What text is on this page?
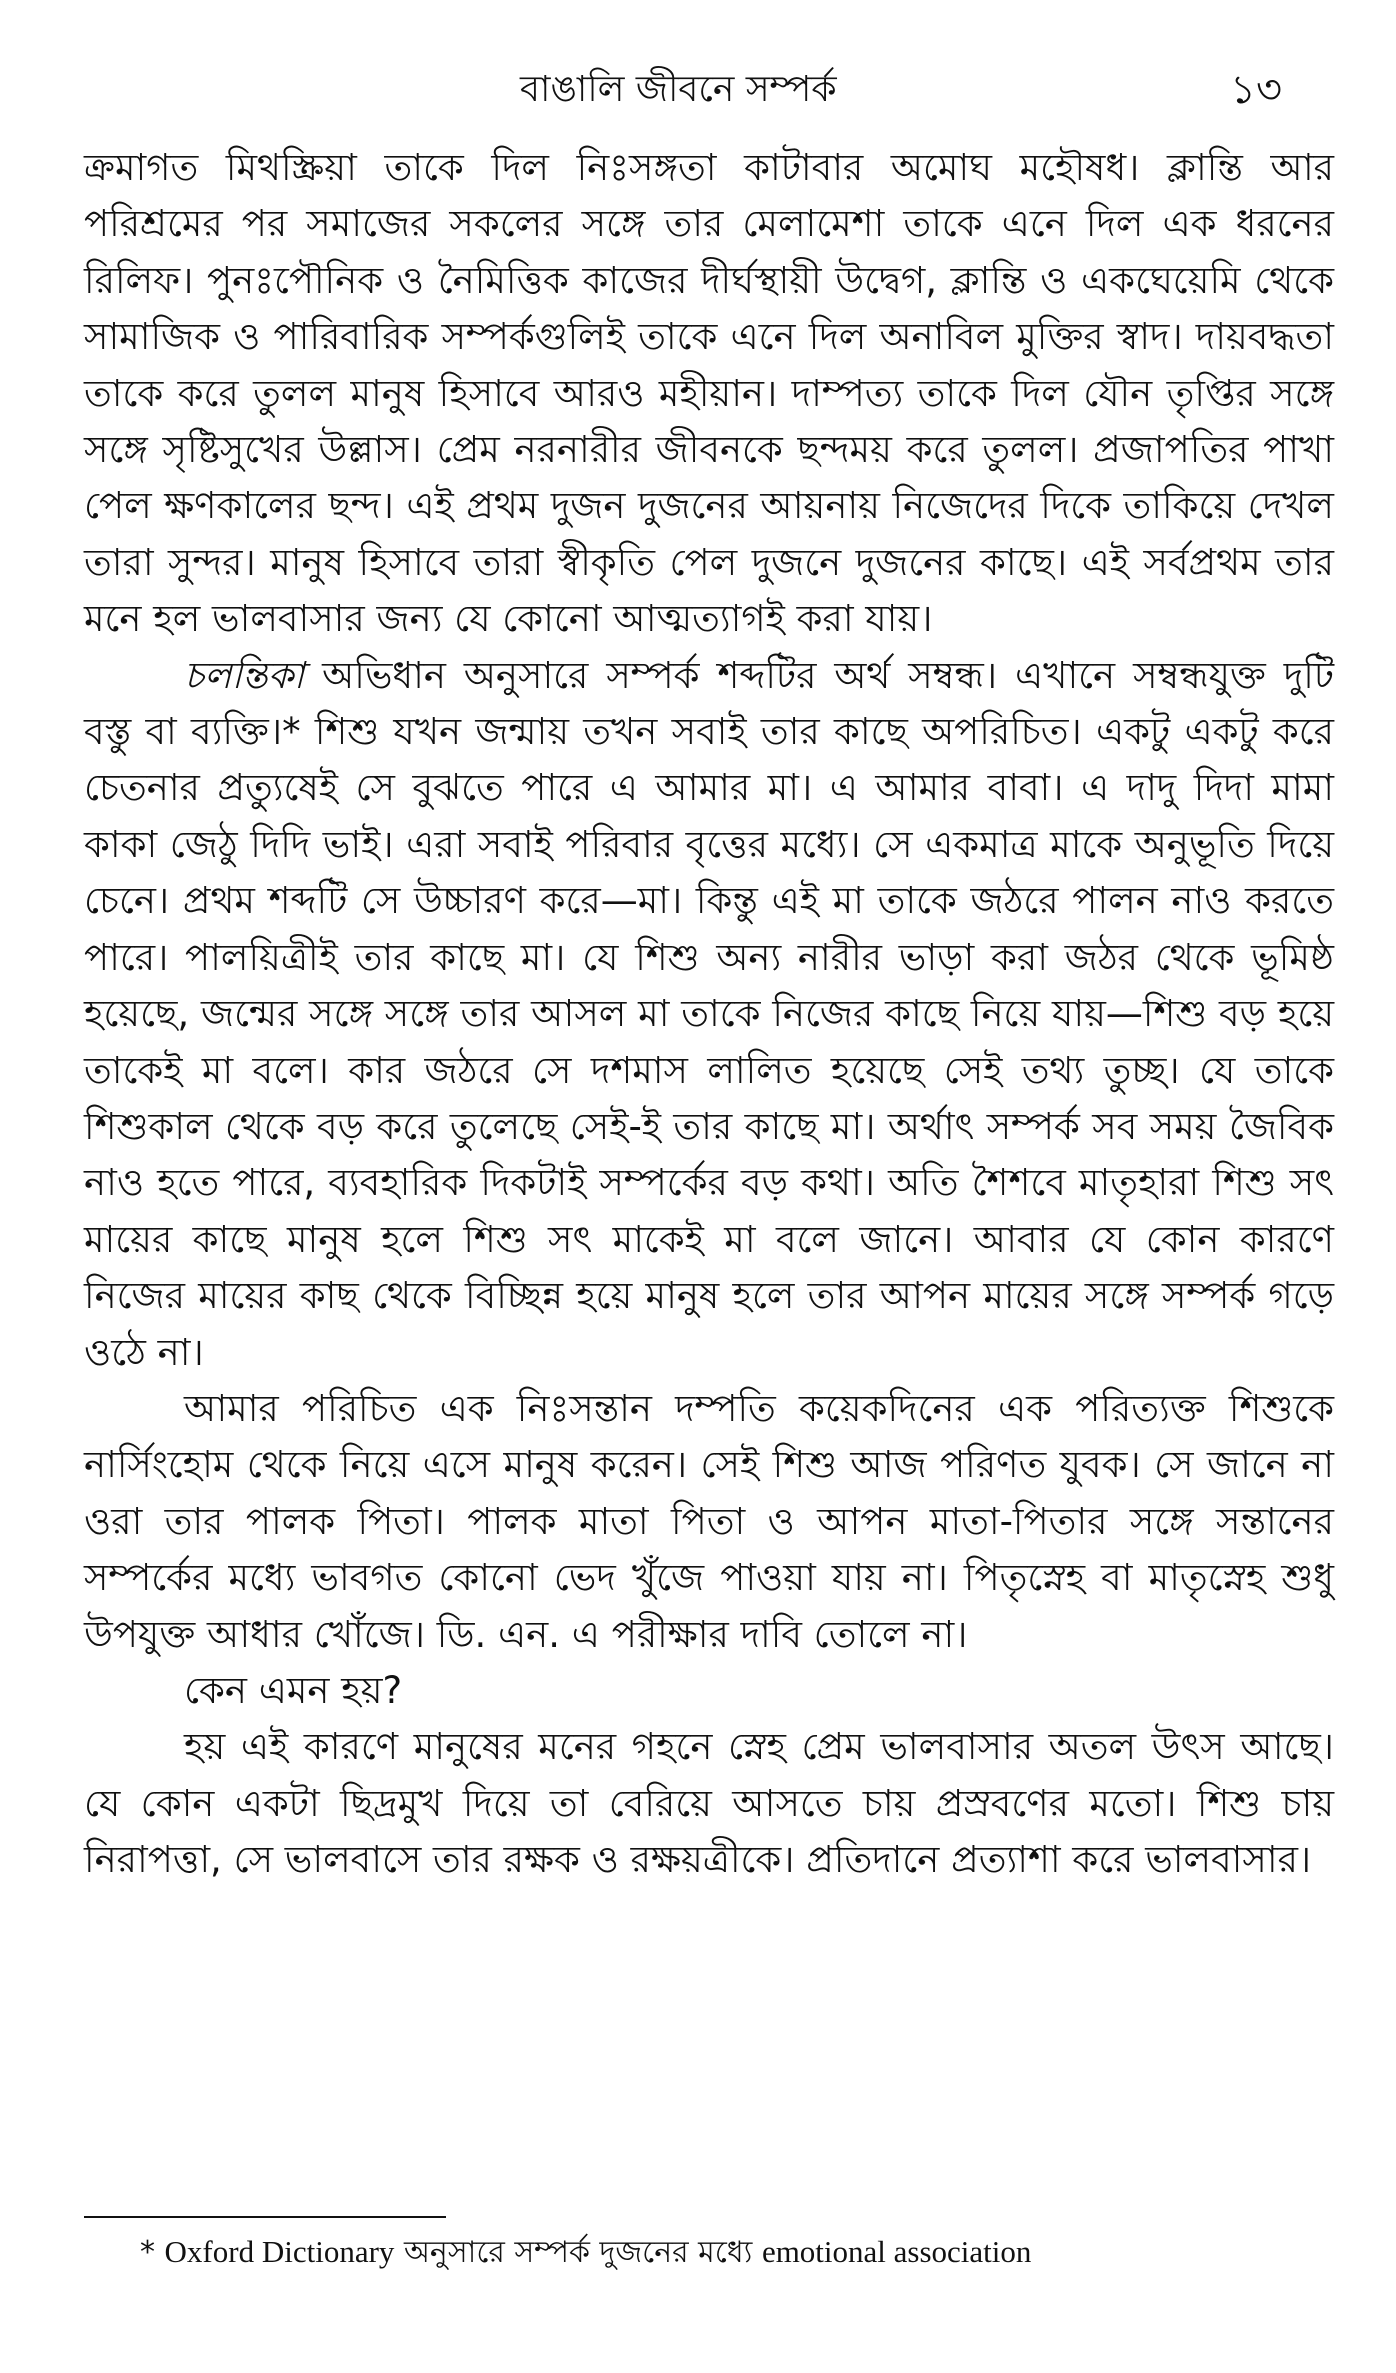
বাঙালি জীবনে সম্পর্ক	১৩

ক্রমাগত মিথস্ক্রিয়া তাকে দিল নিঃসঙ্গতা কাটাবার অমোঘ মহৌষধ। ক্লান্তি আর পরিশ্রমের পর সমাজের সকলের সঙ্গে তার মেলামেশা তাকে এনে দিল এক ধরনের রিলিফ। পুনঃপৌনিক ও নৈমিত্তিক কাজের দীর্ঘস্থায়ী উদ্বেগ, ক্লান্তি ও একঘেয়েমি থেকে সামাজিক ও পারিবারিক সম্পর্কগুলিই তাকে এনে দিল অনাবিল মুক্তির স্বাদ। দায়বদ্ধতা তাকে করে তুলল মানুষ হিসাবে আরও মহীয়ান। দাম্পত্য তাকে দিল যৌন তৃপ্তির সঙ্গে সঙ্গে সৃষ্টিসুখের উল্লাস। প্রেম নরনারীর জীবনকে ছন্দময় করে তুলল। প্রজাপতির পাখা পেল ক্ষণকালের ছন্দ। এই প্রথম দুজন দুজনের আয়নায় নিজেদের দিকে তাকিয়ে দেখল তারা সুন্দর। মানুষ হিসাবে তারা স্বীকৃতি পেল দুজনে দুজনের কাছে। এই সর্বপ্রথম তার মনে হল ভালবাসার জন্য যে কোনো আত্মত্যাগই করা যায়।

চলন্তিকা অভিধান অনুসারে সম্পর্ক শব্দটির অর্থ সম্বন্ধ। এখানে সম্বন্ধযুক্ত দুটি বস্তু বা ব্যক্তি।* শিশু যখন জন্মায় তখন সবাই তার কাছে অপরিচিত। একটু একটু করে চেতনার প্রত্যুষেই সে বুঝতে পারে এ আমার মা। এ আমার বাবা। এ দাদু দিদা মামা কাকা জেঠু দিদি ভাই। এরা সবাই পরিবার বৃত্তের মধ্যে। সে একমাত্র মাকে অনুভূতি দিয়ে চেনে। প্রথম শব্দটি সে উচ্চারণ করে—মা। কিন্তু এই মা তাকে জঠরে পালন নাও করতে পারে। পালয়িত্রীই তার কাছে মা। যে শিশু অন্য নারীর ভাড়া করা জঠর থেকে ভূমিষ্ঠ হয়েছে, জন্মের সঙ্গে সঙ্গে তার আসল মা তাকে নিজের কাছে নিয়ে যায়—শিশু বড় হয়ে তাকেই মা বলে। কার জঠরে সে দশমাস লালিত হয়েছে সেই তথ্য তুচ্ছ। যে তাকে শিশুকাল থেকে বড় করে তুলেছে সেই-ই তার কাছে মা। অর্থাৎ সম্পর্ক সব সময় জৈবিক নাও হতে পারে, ব্যবহারিক দিকটাই সম্পর্কের বড় কথা। অতি শৈশবে মাতৃহারা শিশু সৎ মায়ের কাছে মানুষ হলে শিশু সৎ মাকেই মা বলে জানে। আবার যে কোন কারণে নিজের মায়ের কাছ থেকে বিচ্ছিন্ন হয়ে মানুষ হলে তার আপন মায়ের সঙ্গে সম্পর্ক গড়ে ওঠে না।

আমার পরিচিত এক নিঃসন্তান দম্পতি কয়েকদিনের এক পরিত্যক্ত শিশুকে নার্সিংহোম থেকে নিয়ে এসে মানুষ করেন। সেই শিশু আজ পরিণত যুবক। সে জানে না ওরা তার পালক পিতা। পালক মাতা পিতা ও আপন মাতা-পিতার সঙ্গে সন্তানের সম্পর্কের মধ্যে ভাবগত কোনো ভেদ খুঁজে পাওয়া যায় না। পিতৃস্নেহ বা মাতৃস্নেহ শুধু উপযুক্ত আধার খোঁজে। ডি. এন. এ পরীক্ষার দাবি তোলে না।

কেন এমন হয়?

হয় এই কারণে মানুষের মনের গহনে স্নেহ প্রেম ভালবাসার অতল উৎস আছে। যে কোন একটা ছিদ্রমুখ দিয়ে তা বেরিয়ে আসতে চায় প্রস্রবণের মতো। শিশু চায় নিরাপত্তা, সে ভালবাসে তার রক্ষক ও রক্ষয়ত্রীকে। প্রতিদানে প্রত্যাশা করে ভালবাসার।

* Oxford Dictionary অনুসারে সম্পর্ক দুজনের মধ্যে emotional association
